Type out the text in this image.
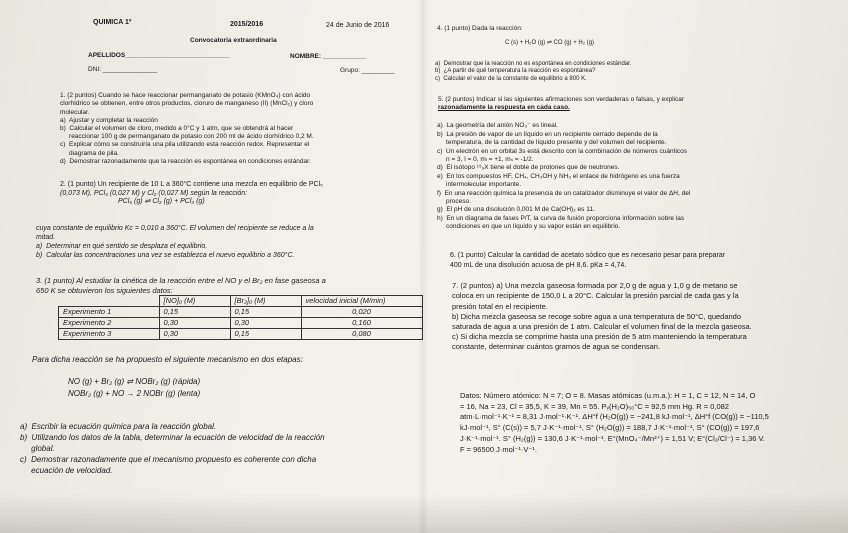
QUIMICA 1º	2015/2016	24 de Junio de 2016
Convocatoria extraordinaria
APELLIDOS_____________________________	NOMBRE: ____________
DNI: _______________	Grupo: _________

1. (2 puntos) Cuando se hace reaccionar permanganato de potasio (KMnO₄) con ácido
clorhídrico se obtienen, entre otros productos, cloruro de manganeso (II) (MnCl₂) y cloro
molecular.
a)  Ajustar y completar la reacción
b)  Calcular el volumen de cloro, medido a 0°C y 1 atm, que se obtendrá al hacer
reaccionar 100 g de permanganato de potasio con 200 ml de ácido clorhídrico 0,2 M.
c)  Explicar cómo se construiría una pila utilizando esta reacción redox. Representar el
diagrama de pila.
d)  Demostrar razonadamente que la reacción es espontánea en condiciones estándar.

2. (1 punto) Un recipiente de 10 L a 360°C contiene una mezcla en equilibrio de PCl₅
(0,073 M), PCl₃ (0,027 M) y Cl₂ (0,027 M) según la reacción:

PCl₅ (g) ⇌ Cl₂ (g) + PCl₃ (g)

cuya constante de equilibrio Kc = 0,010 a 360°C. El volumen del recipiente se reduce a la
mitad.
a)  Determinar en qué sentido se desplaza el equilibrio.
b)  Calcular las concentraciones una vez se establezca el nuevo equilibrio a 360°C.

3. (1 punto) Al estudiar la cinética de la reacción entre el NO y el Br₂ en fase gaseosa a
650 K se obtuvieron los siguientes datos:

	[NO]₀ (M)	[Br₂]₀ (M)	velocidad inicial (M/min)
Experimento 1	0,15	0,15	0,020
Experimento 2	0,30	0,30	0,160
Experimento 3	0,30	0,15	0,080
Para dicha reacción se ha propuesto el siguiente mecanismo en dos etapas:
NO (g) + Br₂ (g) ⇌ NOBr₂ (g) (rápida)
NOBr₂ (g) + NO → 2 NOBr (g) (lenta)

a)  Escribir la ecuación química para la reacción global.
b)  Utilizando los datos de la tabla, determinar la ecuación de velocidad de la reacción
global.
c)  Demostrar razonadamente que el mecanismo propuesto es coherente con dicha
ecuación de velocidad.

4. (1 punto) Dada la reacción:
C (s) + H₂O (g) ⇌ CO (g) + H₂ (g)

a)  Demostrar que la reacción no es espontánea en condiciones estándar.
b)  ¿A partir de qué temperatura la reacción es espontánea?
c)  Calcular el valor de la constante de equilibrio a 800 K.

5. (2 puntos) Indicar si las siguientes afirmaciones son verdaderas o falsas, y explicar
razonadamente la respuesta en cada caso.

a)  La geometría del anión NO₃⁻ es lineal.
b)  La presión de vapor de un líquido en un recipiente cerrado depende de la
temperatura, de la cantidad de líquido presente y del volumen del recipiente.
c)  Un electrón en un orbital 3s está descrito con la combinación de números cuánticos
n = 3, l = 0, mₗ = +1, mₛ = -1/2.
d)  El isótopo ¹⁹₉X tiene el doble de protones que de neutrones.
e)  En los compuestos HF, CH₄, CH₃OH y NH₃ el enlace de hidrógeno es una fuerza
intermolecular importante.
f)  En una reacción química la presencia de un catalizador disminuye el valor de ΔH, del
proceso.
g)  El pH de una disolución 0,001 M de Ca(OH)₂ es 11.
h)  En un diagrama de fases P/T, la curva de fusión proporciona información sobre las
condiciones en que un líquido y su vapor están en equilibrio.

6. (1 punto) Calcular la cantidad de acetato sódico que es necesario pesar para preparar
400 mL de una disolución acuosa de pH 8,6. pKa = 4,74.

7. (2 puntos) a) Una mezcla gaseosa formada por 2,0 g de agua y 1,0 g de metano se
coloca en un recipiente de 150,0 L a 20°C. Calcular la presión parcial de cada gas y la
presión total en el recipiente.
b) Dicha mezcla gaseosa se recoge sobre agua a una temperatura de 50°C, quedando
saturada de agua a una presión de 1 atm. Calcular el volumen final de la mezcla gaseosa.
c) Si dicha mezcla se comprime hasta una presión de 5 atm manteniendo la temperatura
constante, determinar cuántos gramos de agua se condensan.

Datos: Número atómico: N = 7; O = 8. Masas atómicas (u.m.a.): H = 1, C = 12, N = 14, O
= 16, Na = 23, Cl = 35,5, K = 39, Mn = 55. Pᵥ(H₂O)₅₀°C = 92,5 mm Hg. R = 0,082
atm·L·mol⁻¹·K⁻¹ = 8,31 J·mol⁻¹·K⁻¹. ΔH°f (H₂O(g)) = −241,8 kJ·mol⁻¹, ΔH°f (CO(g)) = −110,5
kJ·mol⁻¹, S° (C(s)) = 5,7 J·K⁻¹·mol⁻¹, S° (H₂O(g)) = 188,7 J·K⁻¹·mol⁻¹, S° (CO(g)) = 197,6
J·K⁻¹·mol⁻¹. S° (H₂(g)) = 130,6 J·K⁻¹·mol⁻¹. E°(MnO₄⁻/Mn²⁺) = 1,51 V; E°(Cl₂/Cl⁻) = 1,36 V.
F = 96500 J·mol⁻¹·V⁻¹.
